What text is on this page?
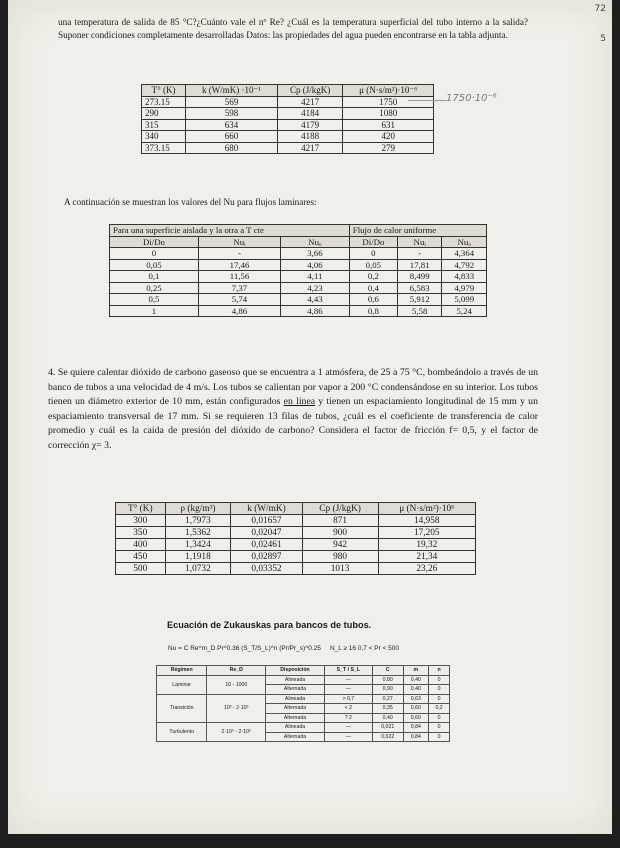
72
5

una temperatura de salida de 85 °C?¿Cuánto vale el nº Re? ¿Cuál es la temperatura superficial del tubo interno a la salida? Suponer condiciones completamente desarrolladas Datos: las propiedades del agua pueden encontrarse en la tabla adjunta.

T° (K)	k (W/mK) ·10⁻¹	Cp (J/kgK)	μ (N·s/m²)·10⁻⁶
273.15	569	4217	1750
290	598	4184	1080
315	634	4179	631
340	660	4188	420
373.15	680	4217	279
1750·10⁻⁶

A continuación se muestran los valores del Nu para flujos laminares:

Para una superficie aislada y la otra a T cte			Flujo de calor uniforme		
Di/Do	Nuᵢ	Nuₒ	Di/Do	Nuᵢ	Nuₒ
0	-	3,66	0	-	4,364
0,05	17,46	4,06	0,05	17,81	4,792
0,1	11,56	4,11	0,2	8,499	4,833
0,25	7,37	4,23	0,4	6,583	4,979
0,5	5,74	4,43	0,6	5,912	5,099
1	4,86	4,86	0,8	5,58	5,24

4. Se quiere calentar dióxido de carbono gaseoso que se encuentra a 1 atmósfera, de 25 a 75 °C, bombeándolo a través de un banco de tubos a una velocidad de 4 m/s. Los tubos se calientan por vapor a 200 °C condensándose en su interior. Los tubos tienen un diámetro exterior de 10 mm, están configurados en línea y tienen un espaciamiento longitudinal de 15 mm y un espaciamiento transversal de 17 mm. Si se requieren 13 filas de tubos, ¿cuál es el coeficiente de transferencia de calor promedio y cuál es la caída de presión del dióxido de carbono? Considera el factor de fricción f= 0,5, y el factor de corrección χ= 3.

T° (K)	ρ (kg/m³)	k (W/mK)	Cp (J/kgK)	μ (N·s/m²)·10⁶
300	1,7973	0,01657	871	14,958
350	1,5362	0,02047	900	17,205
400	1,3424	0,02461	942	19,32
450	1,1918	0,02897	980	21,34
500	1,0732	0,03352	1013	23,26
Ecuación de Zukauskas para bancos de tubos.
Nu = C Re^m_D Pr^0.36 (S_T/S_L)^n (Pr/Pr_s)^0.25 N_L ≥ 16 0,7 < Pr < 500
Régimen	Re_D	Disposición	S_T / S_L	C	m	n
Laminar	10 - 1000	Alineada	—	0,80	0,40	0
		Alternada	—	0,90	0,40	0
Transición	10³ - 2·10⁵	Alineada	> 0,7	0,27	0,63	0
		Alternada	< 2	0,35	0,60	0,2
		Alternada	? 2	0,40	0,60	0
Turbulento	2·10⁵ - 2·10⁶	Alineada	—	0,021	0,84	0
		Alternada	—	0,022	0,84	0
